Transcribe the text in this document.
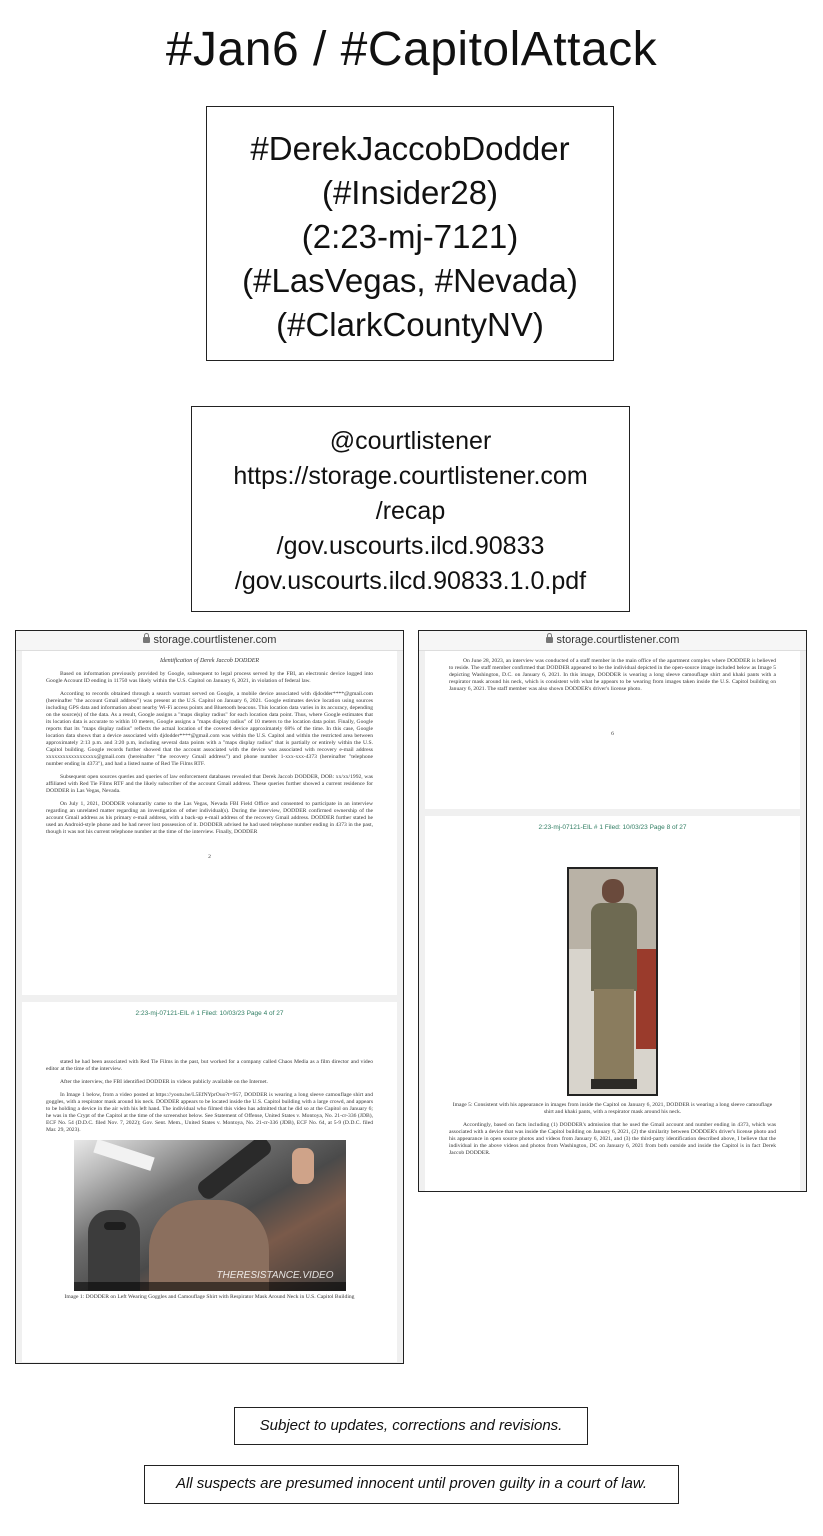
#Jan6 / #CapitolAttack
#DerekJaccobDodder
(#Insider28)
(2:23-mj-7121)
(#LasVegas, #Nevada)
(#ClarkCountyNV)
@courtlistener
https://storage.courtlistener.com
/recap
/gov.uscourts.ilcd.90833
/gov.uscourts.ilcd.90833.1.0.pdf
storage.courtlistener.com

Identification of Derek Jaccob DODDER

Based on information previously provided by Google, subsequent to legal process served by the FBI, an electronic device logged into Google Account ID ending in 11750 was likely within the U.S. Capitol on January 6, 2021, in violation of federal law.

According to records obtained through a search warrant served on Google, a mobile device associated with djdodder****@gmail.com (hereinafter "the account Gmail address") was present at the U.S. Capitol on January 6, 2021. Google estimates device location using sources including GPS data and information about nearby Wi-Fi access points and Bluetooth beacons. This location data varies in its accuracy, depending on the source(s) of the data. As a result, Google assigns a "maps display radius" for each location data point. Thus, where Google estimates that its location data is accurate to within 10 meters, Google assigns a "maps display radius" of 10 meters to the location data point. Finally, Google reports that its "maps display radius" reflects the actual location of the covered device approximately 68% of the time. In this case, Google location data shows that a device associated with djdodder****@gmail.com was within the U.S. Capitol and within the restricted area between approximately 2:13 p.m. and 3:20 p.m, including several data points with a "maps display radius" that is partially or entirely within the U.S. Capitol building. Google records further showed that the account associated with the device was associated with recovery e-mail address xxxxxxxxxxxxxxxxxx@gmail.com (hereinafter "the recovery Gmail address") and phone number 1-xxx-xxx-4373 (hereinafter "telephone number ending in 4373"), and had a listed name of Red Tie Films RTF.

Subsequent open sources queries and queries of law enforcement databases revealed that Derek Jaccob DODDER, DOB: xx/xx/1992, was affiliated with Red Tie Films RTF and the likely subscriber of the account Gmail address. These queries further showed a current residence for DODDER in Las Vegas, Nevada.

On July 1, 2021, DODDER voluntarily came to the Las Vegas, Nevada FBI Field Office and consented to participate in an interview regarding an unrelated matter regarding an investigation of other individual(s). During the interview, DODDER confirmed ownership of the account Gmail address as his primary e-mail address, with a back-up e-mail address of the recovery Gmail address. DODDER further stated he used an Android-style phone and he had never lost possession of it. DODDER advised he had used telephone number ending in 4373 in the past, though it was not his current telephone number at the time of the interview. Finally, DODDER

2

2:23-mj-07121-EIL # 1 Filed: 10/03/23 Page 4 of 27

stated he had been associated with Red Tie Films in the past, but worked for a company called Chaos Media as a film director and video editor at the time of the interview.

After the interview, the FBI identified DODDER in videos publicly available on the Internet.

In Image 1 below, from a video posted at https://youtu.be/L5EfNYprOuo?t=957, DODDER is wearing a long sleeve camouflage shirt and goggles, with a respirator mask around his neck. DODDER appears to be located inside the U.S. Capitol building with a large crowd, and appears to be holding a device in the air with his left hand. The individual who filmed this video has admitted that he did so at the Capitol on January 6; he was in the Crypt of the Capitol at the time of the screenshot below. See Statement of Offense, United States v. Montoya, No. 21-cr-336 (JDB), ECF No. 54 (D.D.C. filed Nov. 7, 2022); Gov. Sent. Mem., United States v. Montoya, No. 21-cr-336 (JDB), ECF No. 64, at 5-9 (D.D.C. filed Mar. 29, 2023).

THERESISTANCE.VIDEO

Image 1: DODDER on Left Wearing Goggles and Camouflage Shirt with Respirator Mask Around Neck in U.S. Capitol Building

storage.courtlistener.com

On June 28, 2023, an interview was conducted of a staff member in the main office of the apartment complex where DODDER is believed to reside. The staff member confirmed that DODDER appeared to be the individual depicted in the open-source image included below as Image 5 depicting Washington, D.C. on January 6, 2021. In this image, DODDER is wearing a long sleeve camouflage shirt and khaki pants with a respirator mask around his neck, which is consistent with what he appears to be wearing from images taken inside the U.S. Capitol building on January 6, 2021. The staff member was also shown DODDER's driver's license photo.

6

2:23-mj-07121-EIL # 1 Filed: 10/03/23 Page 8 of 27

Image 5: Consistent with his appearance in images from inside the Capitol on January 6, 2021, DODDER is wearing a long sleeve camouflage shirt and khaki pants, with a respirator mask around his neck.

Accordingly, based on facts including (1) DODDER's admission that he used the Gmail account and number ending in 4373, which was associated with a device that was inside the Capitol building on January 6, 2021, (2) the similarity between DODDER's driver's license photo and his appearance in open source photos and videos from January 6, 2021, and (3) the third-party identification described above, I believe that the individual in the above videos and photos from Washington, DC on January 6, 2021 from both outside and inside the Capitol is in fact Derek Jaccob DODDER.

Subject to updates, corrections and revisions.
All suspects are presumed innocent until proven guilty in a court of law.
